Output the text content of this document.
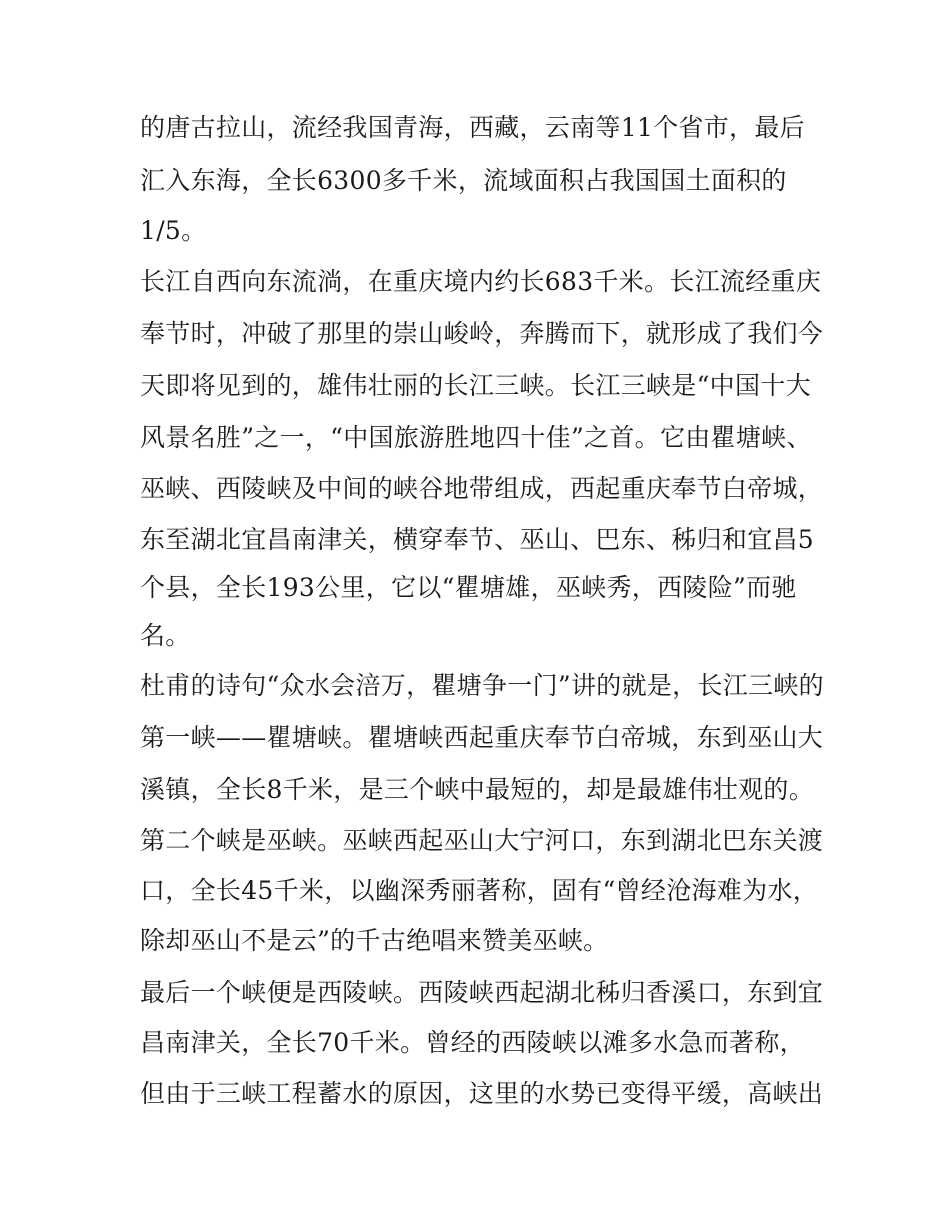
的唐古拉山，流经我国青海，西藏，云南等11个省市，最后
汇入东海，全长6300多千米，流域面积占我国国土面积的
1/5。
长江自西向东流淌，在重庆境内约长683千米。长江流经重庆
奉节时，冲破了那里的崇山峻岭，奔腾而下，就形成了我们今
天即将见到的，雄伟壮丽的长江三峡。长江三峡是“中国十大
风景名胜”之一，“中国旅游胜地四十佳”之首。它由瞿塘峡、
巫峡、西陵峡及中间的峡谷地带组成，西起重庆奉节白帝城，
东至湖北宜昌南津关，横穿奉节、巫山、巴东、秭归和宜昌5
个县，全长193公里，它以“瞿塘雄，巫峡秀，西陵险”而驰
名。
杜甫的诗句“众水会涪万，瞿塘争一门”讲的就是，长江三峡的
第一峡——瞿塘峡。瞿塘峡西起重庆奉节白帝城，东到巫山大
溪镇，全长8千米，是三个峡中最短的，却是最雄伟壮观的。
第二个峡是巫峡。巫峡西起巫山大宁河口，东到湖北巴东关渡
口，全长45千米，以幽深秀丽著称，固有“曾经沧海难为水，
除却巫山不是云”的千古绝唱来赞美巫峡。
最后一个峡便是西陵峡。西陵峡西起湖北秭归香溪口，东到宜
昌南津关，全长70千米。曾经的西陵峡以滩多水急而著称，
但由于三峡工程蓄水的原因，这里的水势已变得平缓，高峡出
